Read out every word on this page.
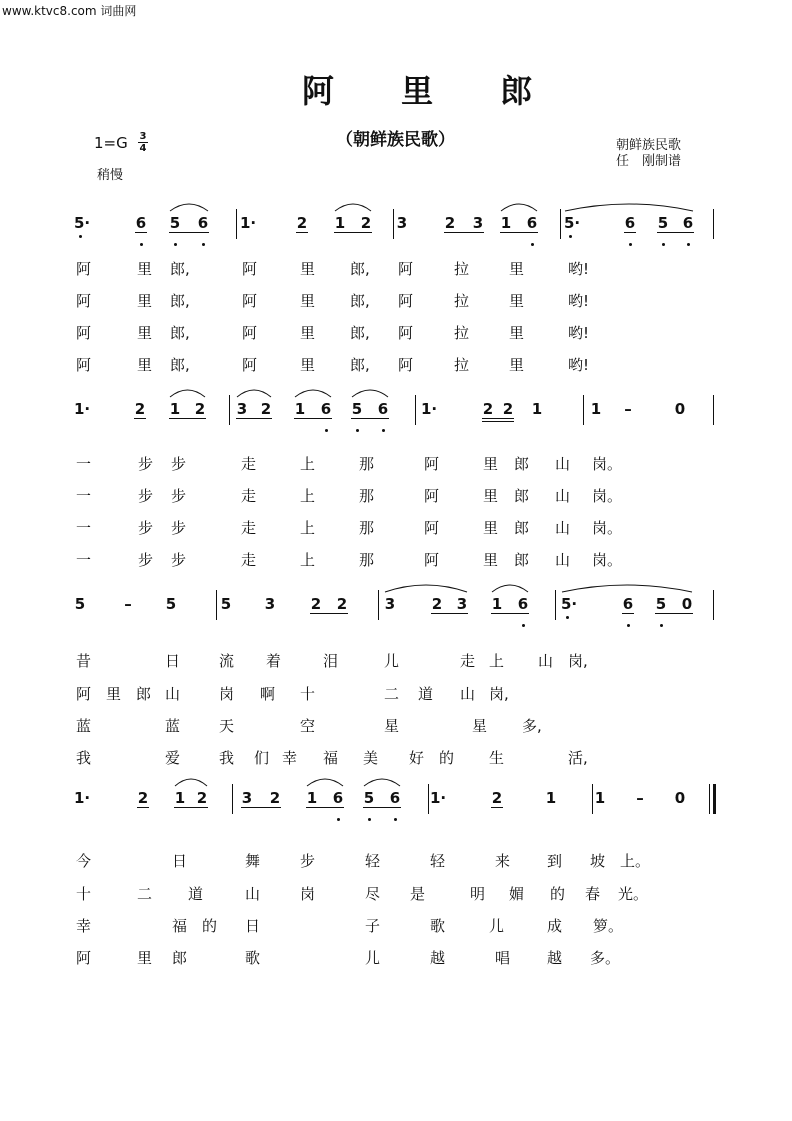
www.ktvc8.com 词曲网
阿 里 郎
（朝鲜族民歌）
1=G 3
4
稍慢
朝鲜族民歌
任　刚制谱
5·	6 5 6 1·	2 1 2 3	2 3 1 6 5·	6 5 6
阿	里 郎,	阿	里 郎, 阿	拉	里	哟!
阿	里 郎,	阿	里 郎, 阿	拉	里	哟!
阿	里 郎,	阿	里 郎, 阿	拉	里	哟!
阿	里 郎,	阿	里 郎, 阿	拉	里	哟!
1·	2 1 2 3 2 1 6 5 6 1·	2 2 1	1 –	0
一	步 步	走	上	那	阿	里 郎 山 岗。
一	步 步	走	上	那	阿	里 郎 山 岗。
一	步 步	走	上	那	阿	里 郎 山 岗。
一	步 步	走	上	那	阿	里 郎 山 岗。
5	– 5	5 3 2 2	3 2 3 1 6 5·	6 5 0
昔	日	流 着	泪	儿	走 上 山 岗,
阿 里 郎 山	岗 啊 十	二 道 山 岗,
蓝	蓝	天	空	星	星 多,
我	爱	我 们 幸 福 美 好 的 生	活,
1·	2 1 2 3 2 1 6 5 6 1·	2	1	1 – 0
今	日	舞	步	轻	轻	来 到 坡 上。
十	二 道	山	岗	尽 是	明 媚 的 春 光。
幸	福 的 日	子	歌	儿	成 箩。
阿	里 郎	歌	儿	越	唱 越 多。
